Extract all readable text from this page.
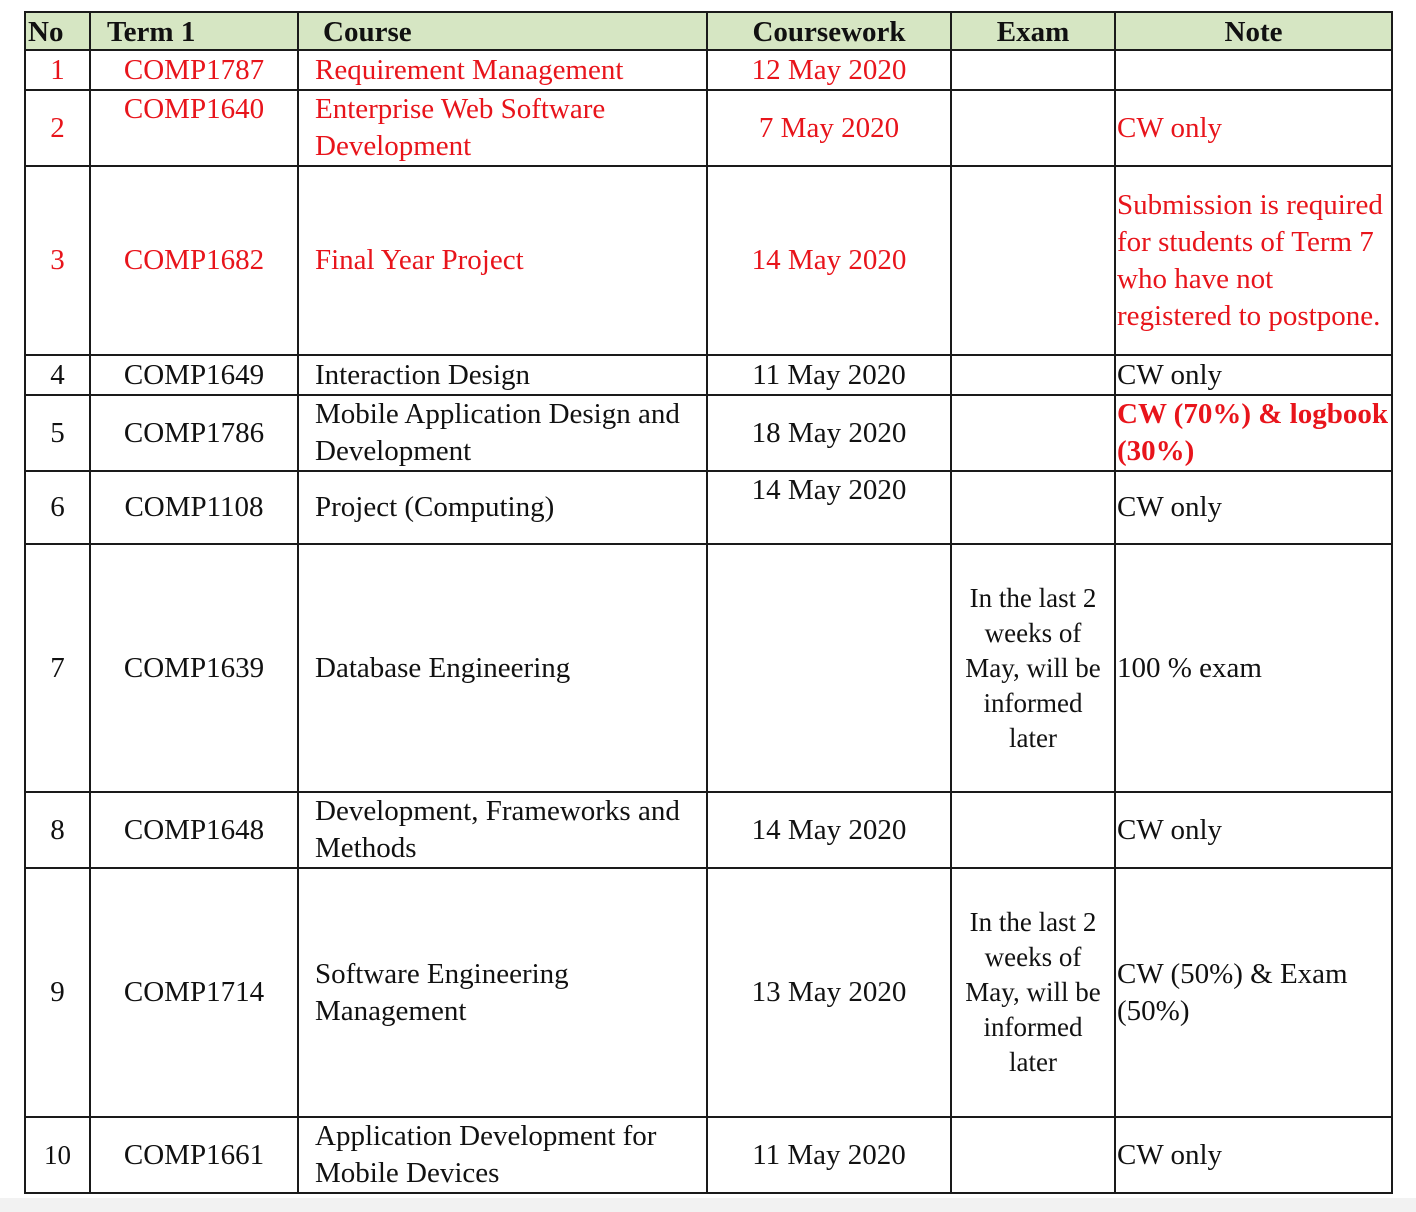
No	Term 1	Course	Coursework	Exam	Note
1	COMP1787	Requirement Management	12 May 2020		
2	COMP1640	Enterprise Web Software Development	7 May 2020		CW only
3	COMP1682	Final Year Project	14 May 2020		Submission is required for students of Term 7 who have not registered to postpone.
4	COMP1649	Interaction Design	11 May 2020		CW only
5	COMP1786	Mobile Application Design and Development	18 May 2020		CW (70%) & logbook (30%)
6	COMP1108	Project (Computing)	14 May 2020		CW only
7	COMP1639	Database Engineering		In the last 2 weeks of May, will be informed later	100 % exam
8	COMP1648	Development, Frameworks and Methods	14 May 2020		CW only
9	COMP1714	Software Engineering Management	13 May 2020	In the last 2 weeks of May, will be informed later	CW (50%) & Exam (50%)
10	COMP1661	Application Development for Mobile Devices	11 May 2020		CW only
